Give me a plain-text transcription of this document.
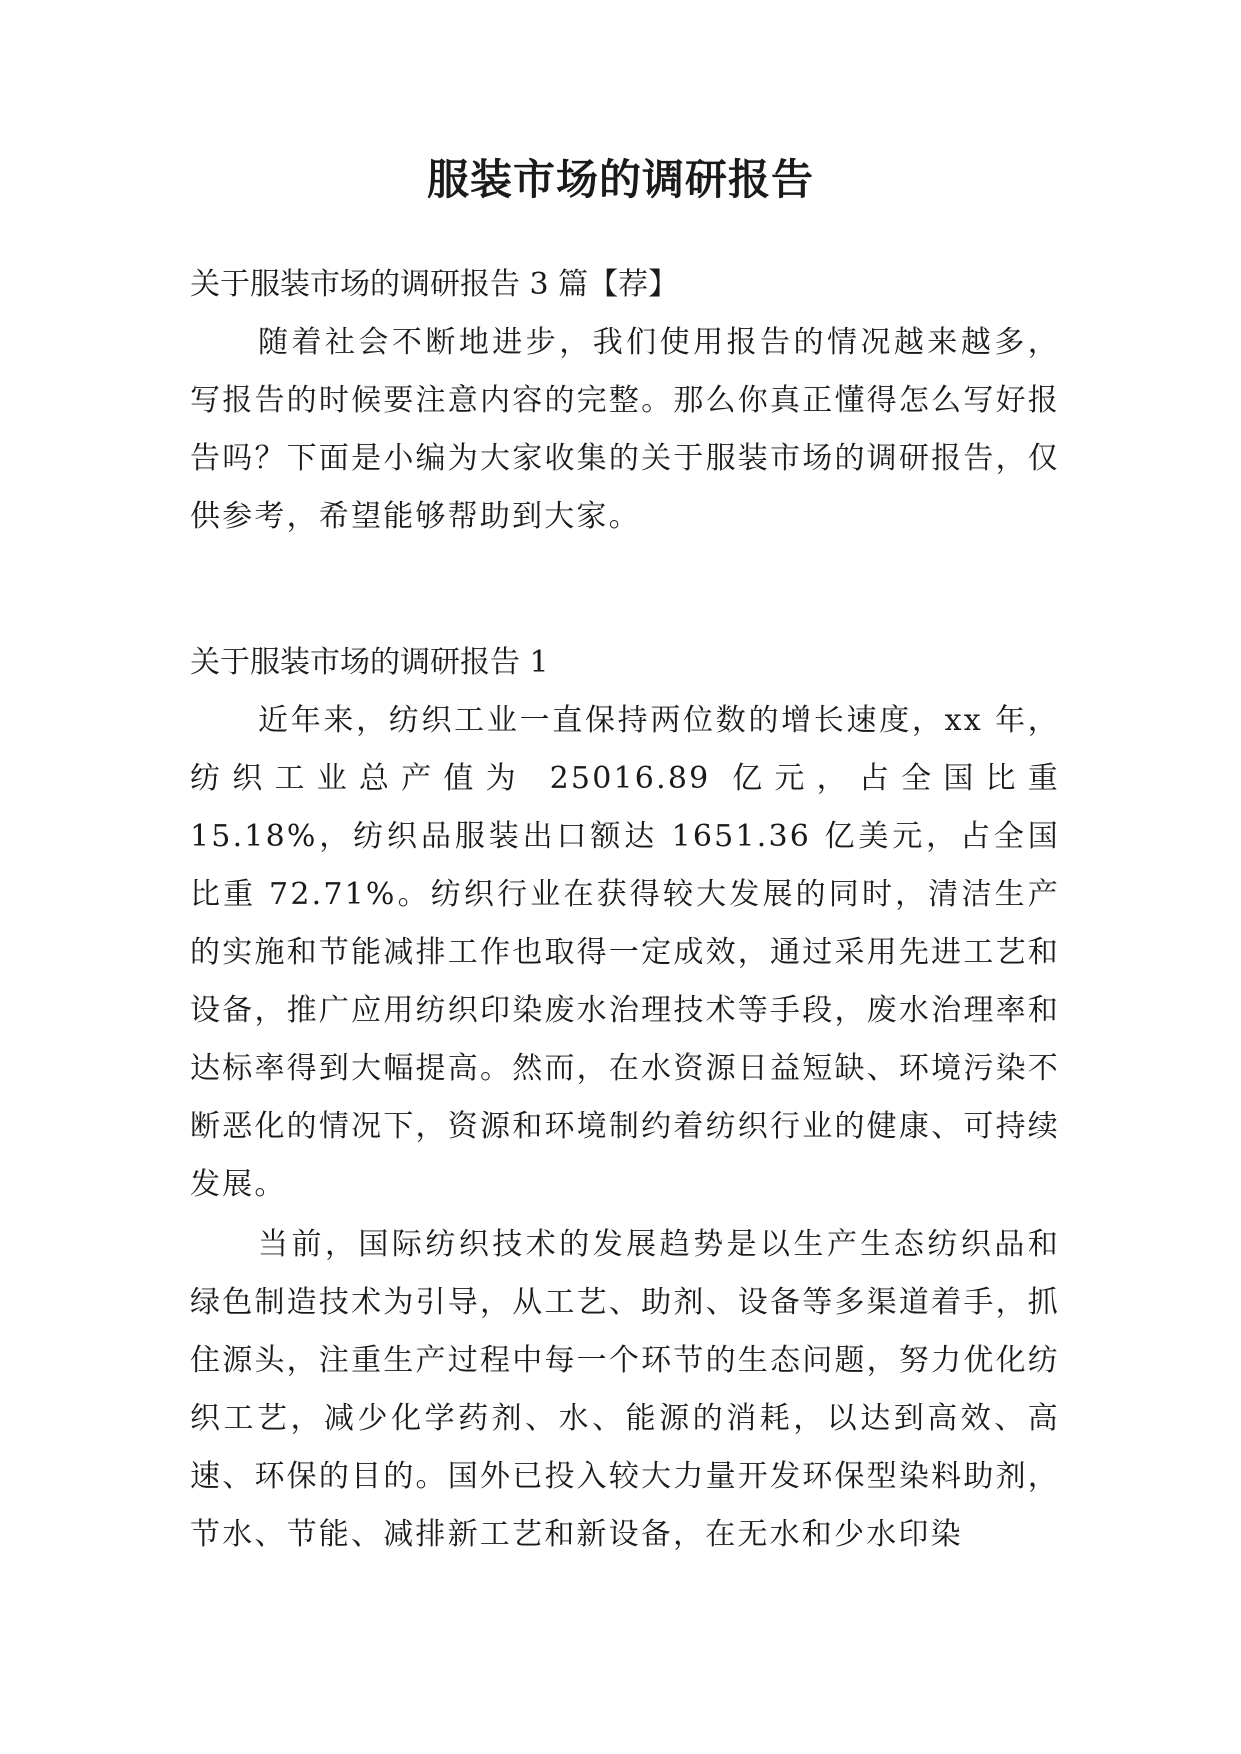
服装市场的调研报告

关于服装市场的调研报告 3 篇【荐】

随着社会不断地进步，我们使用报告的情况越来越多，写报告的时候要注意内容的完整。那么你真正懂得怎么写好报告吗？下面是小编为大家收集的关于服装市场的调研报告，仅供参考，希望能够帮助到大家。

关于服装市场的调研报告 1

近年来，纺织工业一直保持两位数的增长速度，xx 年，纺织工业总产值为 25016.89 亿元，占全国比重 15.18%，纺织品服装出口额达 1651.36 亿美元，占全国比重 72.71%。纺织行业在获得较大发展的同时，清洁生产的实施和节能减排工作也取得一定成效，通过采用先进工艺和设备，推广应用纺织印染废水治理技术等手段，废水治理率和达标率得到大幅提高。然而，在水资源日益短缺、环境污染不断恶化的情况下，资源和环境制约着纺织行业的健康、可持续发展。

当前，国际纺织技术的发展趋势是以生产生态纺织品和绿色制造技术为引导，从工艺、助剂、设备等多渠道着手，抓住源头，注重生产过程中每一个环节的生态问题，努力优化纺织工艺，减少化学药剂、水、能源的消耗，以达到高效、高速、环保的目的。国外已投入较大力量开发环保型染料助剂，节水、节能、减排新工艺和新设备，在无水和少水印染
